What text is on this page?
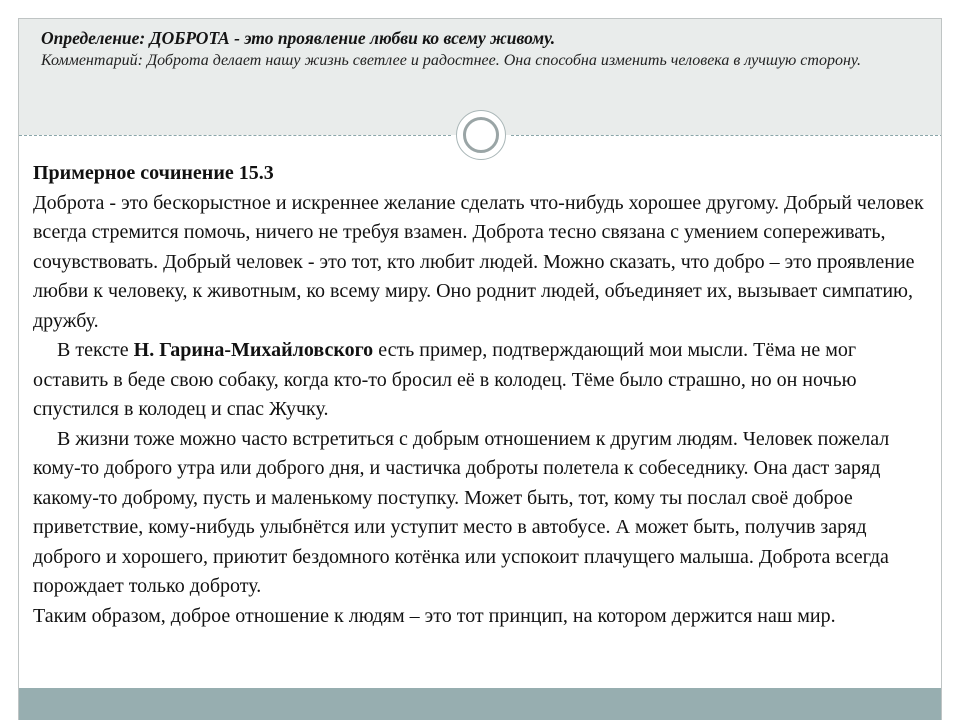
Определение: ДОБРОТА - это проявление любви ко всему живому.
Комментарий: Доброта делает нашу жизнь светлее и радостнее. Она способна изменить человека в лучшую сторону.

Примерное сочинение 15.3

Доброта - это бескорыстное и искреннее желание сделать что-нибудь хорошее другому. Добрый человек всегда стремится помочь, ничего не требуя взамен. Доброта тесно связана с умением сопереживать, сочувствовать. Добрый человек - это тот, кто любит людей. Можно сказать, что добро – это проявление любви к человеку, к животным, ко всему миру. Оно роднит людей, объединяет их, вызывает симпатию, дружбу.

В тексте Н. Гарина-Михайловского есть пример, подтверждающий мои мысли. Тёма не мог оставить в беде свою собаку, когда кто-то бросил её в колодец. Тёме было страшно, но он ночью спустился в колодец и спас Жучку.

В жизни тоже можно часто встретиться с добрым отношением к другим людям. Человек пожелал кому-то доброго утра или доброго дня, и частичка доброты полетела к собеседнику. Она даст заряд какому-то доброму, пусть и маленькому поступку. Может быть, тот, кому ты послал своё доброе приветствие, кому-нибудь улыбнётся или уступит место в автобусе. А может быть, получив заряд доброго и хорошего, приютит бездомного котёнка или успокоит плачущего малыша. Доброта всегда порождает только доброту.

Таким образом, доброе отношение к людям – это тот принцип, на котором держится наш мир.
